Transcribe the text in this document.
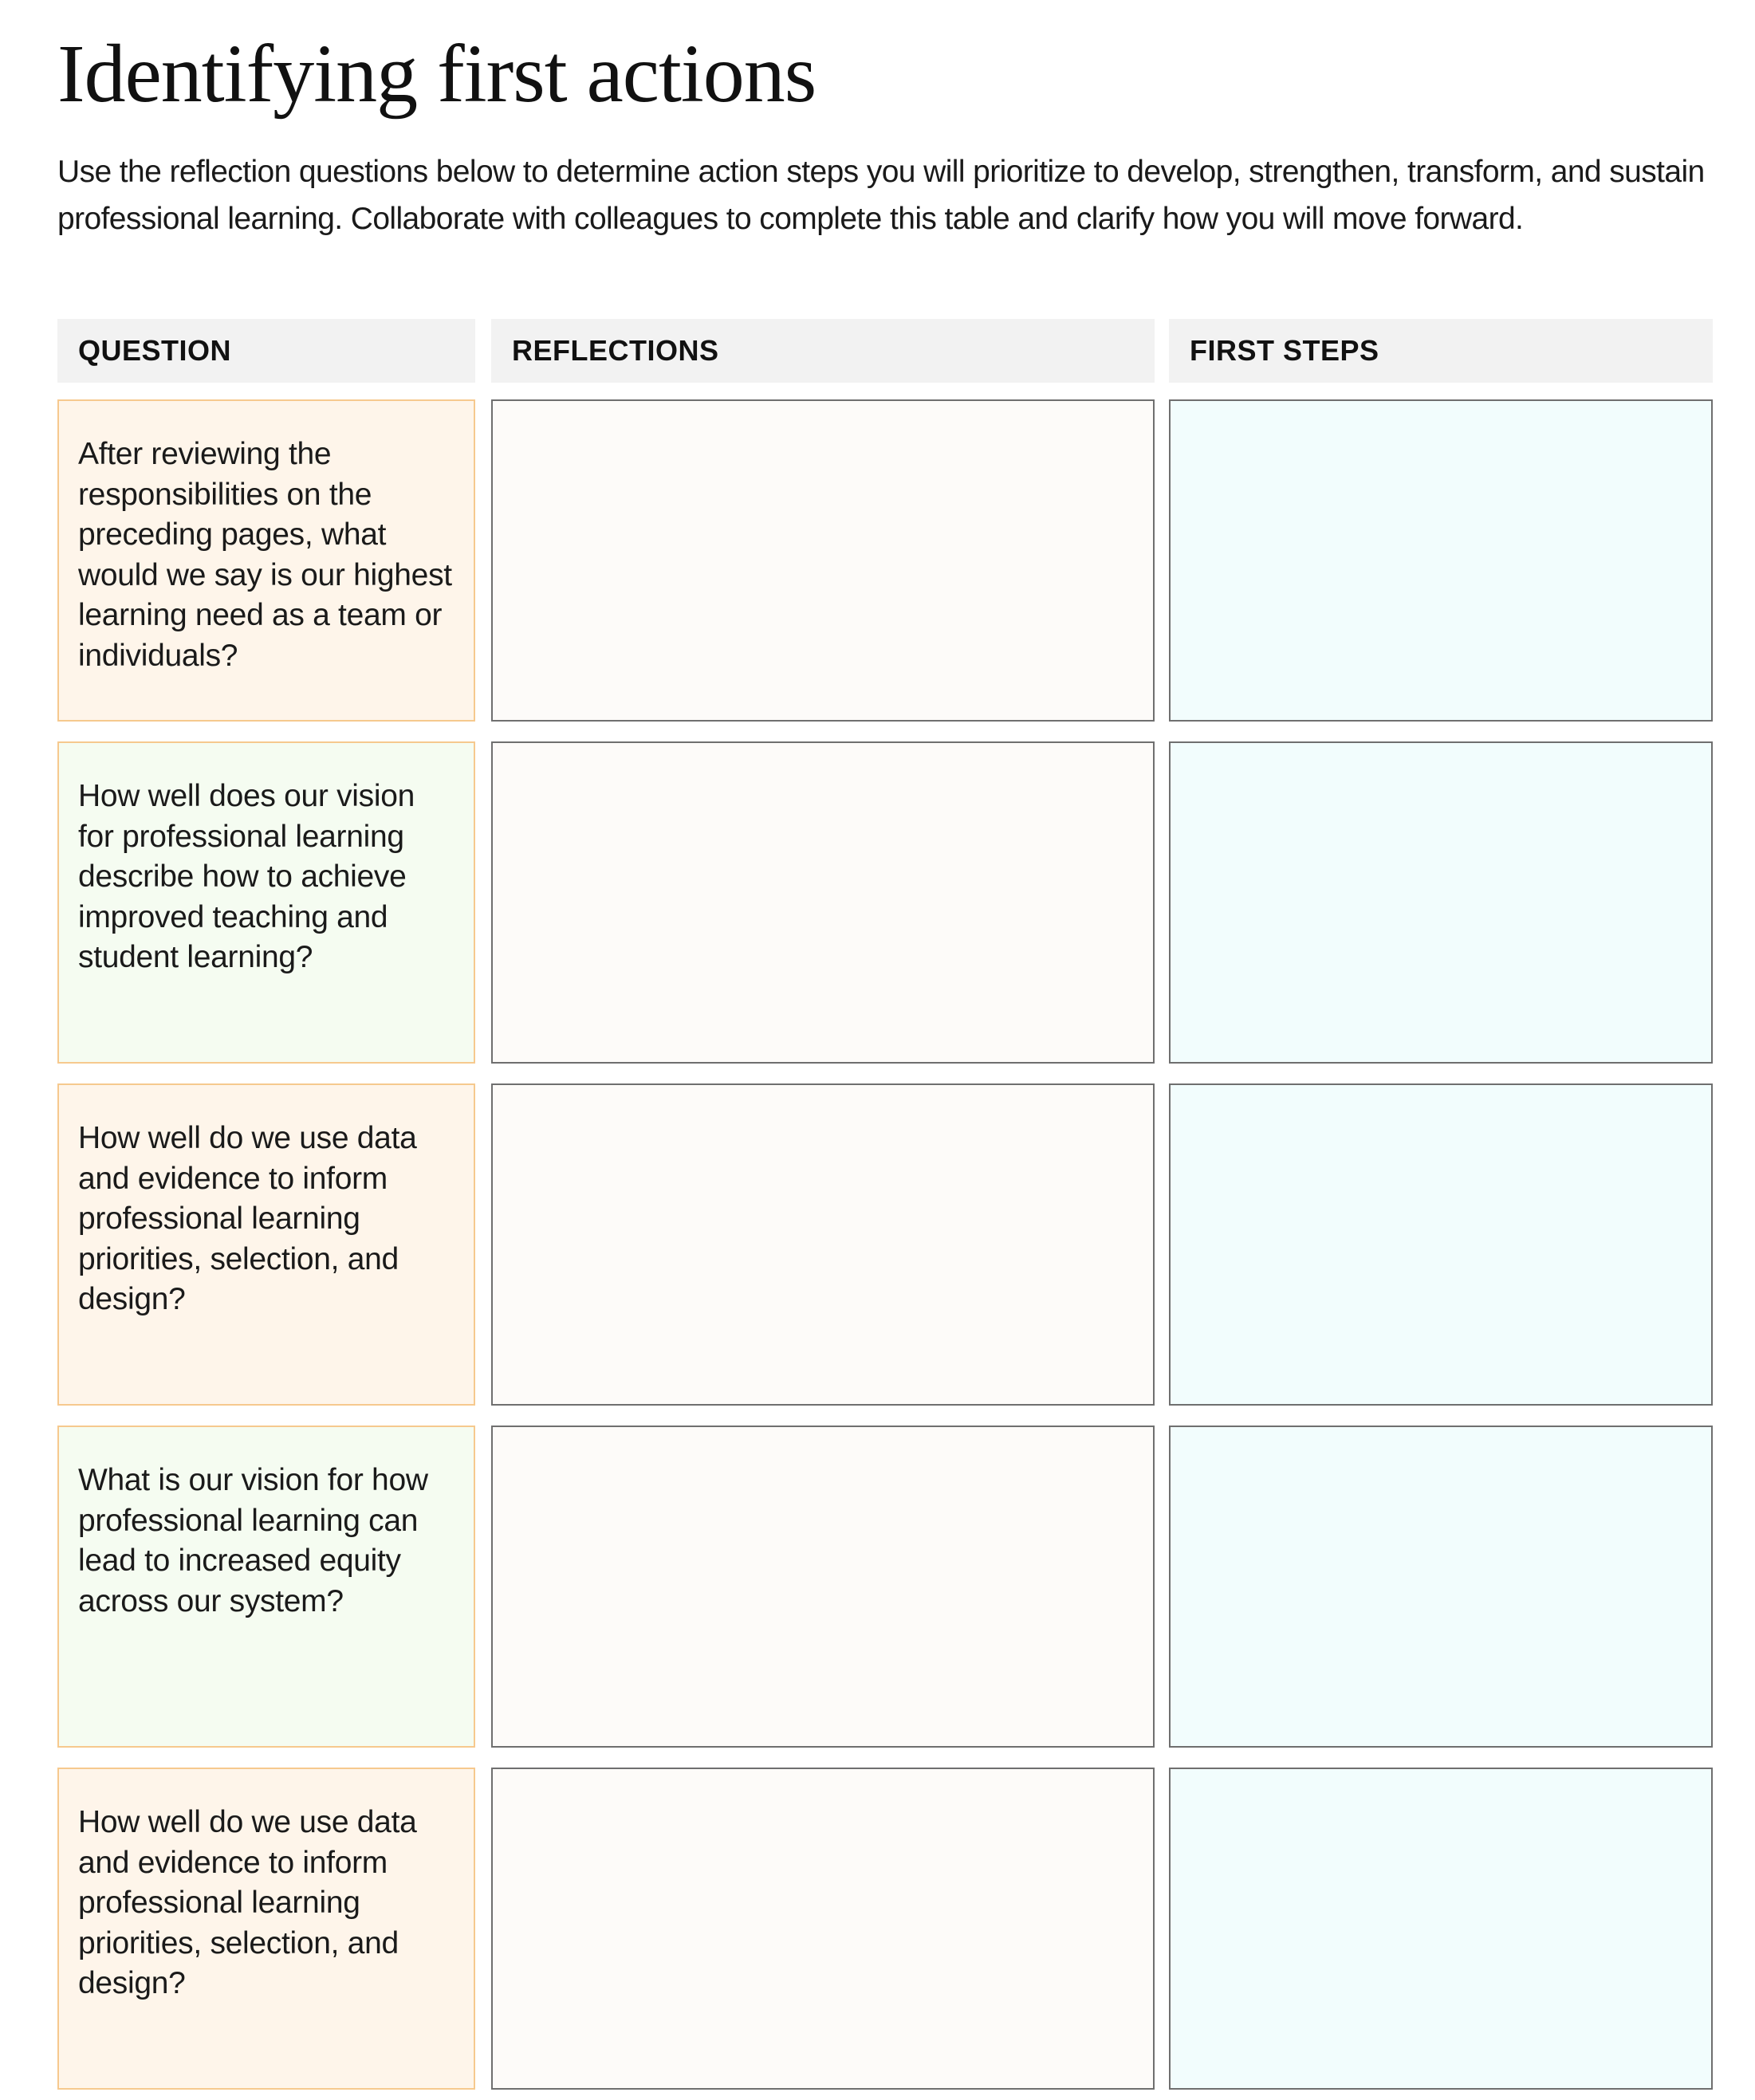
Identifying first actions

Use the reflection questions below to determine action steps you will prioritize to develop, strengthen, transform, and sustain professional learning. Collaborate with colleagues to complete this table and clarify how you will move forward.

QUESTION	REFLECTIONS	FIRST STEPS
After reviewing the responsibilities on the preceding pages, what would we say is our highest learning need as a team or individuals?
How well does our vision for professional learning describe how to achieve improved teaching and student learning?
How well do we use data and evidence to inform professional learning priorities, selection, and design?
What is our vision for how professional learning can lead to increased equity across our system?
How well do we use data and evidence to inform professional learning priorities, selection, and design?
